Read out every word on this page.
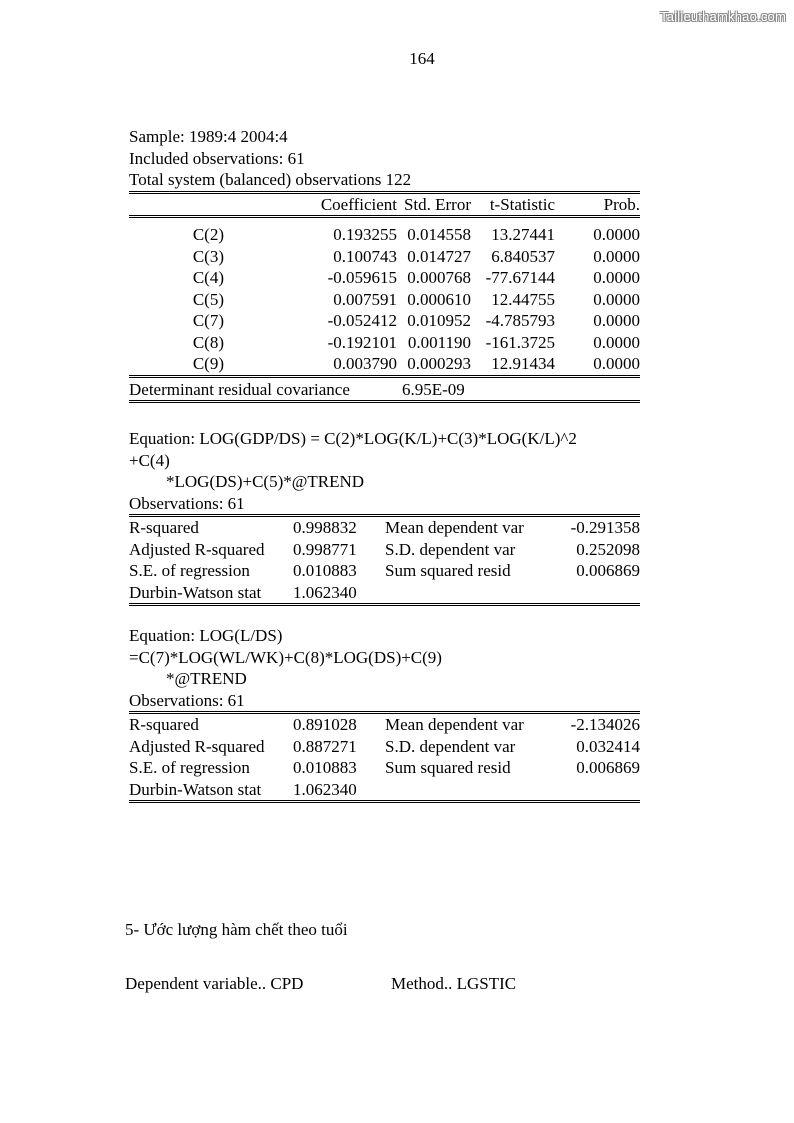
Tailieuthamkhao.com
164
Sample: 1989:4 2004:4
Included observations: 61
Total system (balanced) observations 122
	Coefficient	Std. Error	t-Statistic	Prob.

C(2)	0.193255	0.014558	13.27441	0.0000
C(3)	0.100743	0.014727	6.840537	0.0000
C(4)	-0.059615	0.000768	-77.67144	0.0000
C(5)	0.007591	0.000610	12.44755	0.0000
C(7)	-0.052412	0.010952	-4.785793	0.0000
C(8)	-0.192101	0.001190	-161.3725	0.0000
C(9)	0.003790	0.000293	12.91434	0.0000
Determinant residual covariance	6.95E-09
Equation: LOG(GDP/DS) = C(2)*LOG(K/L)+C(3)*LOG(K/L)^2
+C(4)
*LOG(DS)+C(5)*@TREND
Observations: 61
R-squared	0.998832	Mean dependent var	-0.291358
Adjusted R-squared	0.998771	S.D. dependent var	0.252098
S.E. of regression	0.010883	Sum squared resid	0.006869
Durbin-Watson stat	1.062340		
Equation: LOG(L/DS)
=C(7)*LOG(WL/WK)+C(8)*LOG(DS)+C(9)
*@TREND
Observations: 61
R-squared	0.891028	Mean dependent var	-2.134026
Adjusted R-squared	0.887271	S.D. dependent var	0.032414
S.E. of regression	0.010883	Sum squared resid	0.006869
Durbin-Watson stat	1.062340		
5- Ước lượng hàm chết theo tuổi
Dependent variable.. CPD	Method.. LGSTIC
